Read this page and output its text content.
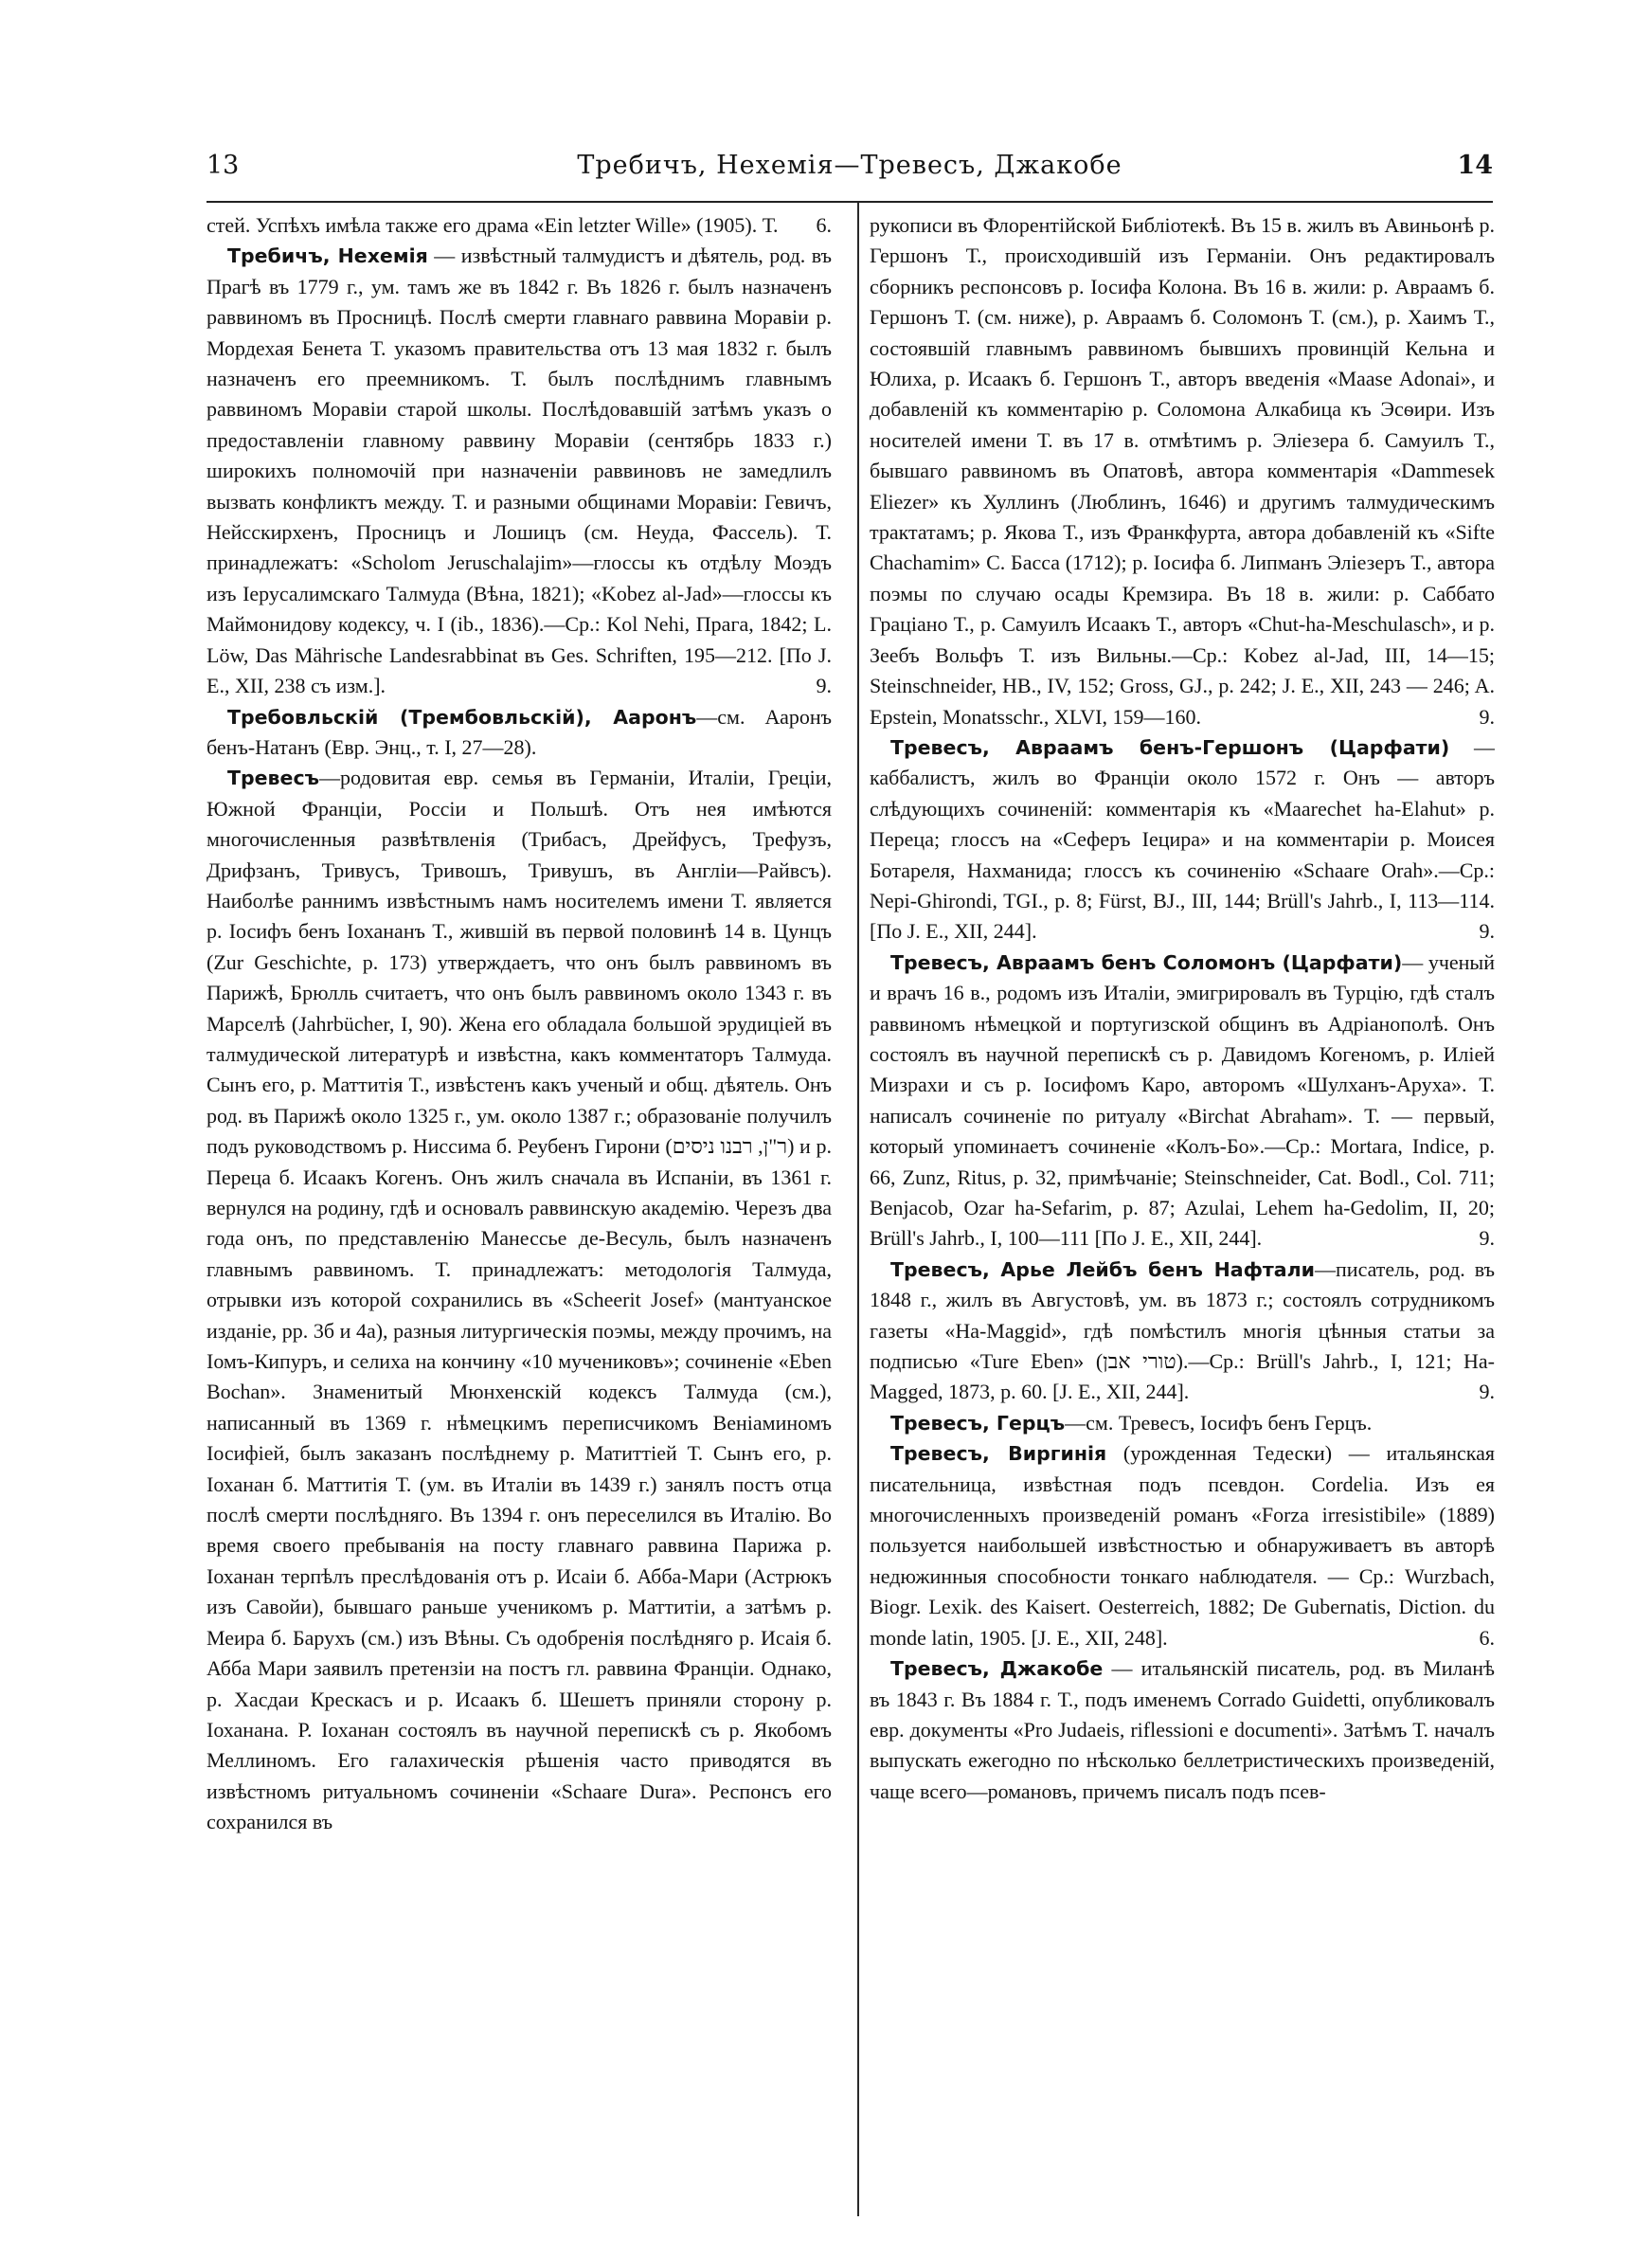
13	Требичъ, Нехемія—Тревесъ, Джакобе	14

стей. Успѣхъ имѣла также его драма «Ein letzter Wille» (1905). Т.	6.

Требичъ, Нехемія — извѣстный талмудистъ и дѣятель, род. въ Прагѣ въ 1779 г., ум. тамъ же въ 1842 г. Въ 1826 г. былъ назначенъ раввиномъ въ Просницѣ. Послѣ смерти главнаго раввина Моравіи р. Мордехая Бенета Т. указомъ правительства отъ 13 мая 1832 г. былъ назначенъ его преемникомъ. Т. былъ послѣднимъ главнымъ раввиномъ Моравіи старой школы. Послѣдовавшій затѣмъ указъ о предоставленіи главному раввину Моравіи (сентябрь 1833 г.) широкихъ полномочій при назначеніи раввиновъ не замедлилъ вызвать конфликтъ между. Т. и разными общинами Моравіи: Гевичъ, Нейсскирхенъ, Просницъ и Лошицъ (см. Неуда, Фассель). Т. принадлежатъ: «Scholom Jeruschalajim»—глоссы къ отдѣлу Моэдъ изъ Іерусалимскаго Талмуда (Вѣна, 1821); «Kobez al-Jad»—глоссы къ Маймонидову кодексу, ч. I (ib., 1836).—Ср.: Kol Nehi, Прага, 1842; L. Löw, Das Mährische Landesrabbinat въ Ges. Schriften, 195—212. [По J. E., XII, 238 съ изм.].	9.

Требовльскій (Трембовльскій), Ааронъ—см. Ааронъ бенъ-Натанъ (Евр. Энц., т. I, 27—28).

Тревесъ—родовитая евр. семья въ Германіи, Италіи, Греціи, Южной Франціи, Россіи и Польшѣ. Отъ нея имѣются многочисленныя развѣтвленія (Трибасъ, Дрейфусъ, Трефузъ, Дрифзанъ, Тривусъ, Тривошъ, Тривушъ, въ Англіи—Райвсъ). Наиболѣе раннимъ извѣстнымъ намъ носителемъ имени Т. является р. Іосифъ бенъ Іохананъ Т., жившій въ первой половинѣ 14 в. Цунцъ (Zur Geschichte, p. 173) утверждаетъ, что онъ былъ раввиномъ въ Парижѣ, Брюлль считаетъ, что онъ былъ раввиномъ около 1343 г. въ Марселѣ (Jahrbücher, I, 90). Жена его обладала большой эрудиціей въ талмудической литературѣ и извѣстна, какъ комментаторъ Талмуда. Сынъ его, р. Маттитія Т., извѣстенъ какъ ученый и общ. дѣятель. Онъ род. въ Парижѣ около 1325 г., ум. около 1387 г.; образованіе получилъ подъ руководствомъ р. Ниссима б. Реубенъ Гирони (ר"ן, רבנו ניסים) и р. Переца б. Исаакъ Когенъ. Онъ жилъ сначала въ Испаніи, въ 1361 г. вернулся на родину, гдѣ и основалъ раввинскую академію. Черезъ два года онъ, по представленію Манессье де-Весуль, былъ назначенъ главнымъ раввиномъ. Т. принадлежатъ: методологія Талмуда, отрывки изъ которой сохранились въ «Scheerit Josef» (мантуанское изданіе, pp. 3б и 4а), разныя литургическія поэмы, между прочимъ, на Іомъ-Кипуръ, и селиха на кончину «10 мучениковъ»; сочиненіе «Eben Bochan». Знаменитый Мюнхенскій кодексъ Талмуда (см.), написанный въ 1369 г. нѣмецкимъ переписчикомъ Веніаминомъ Іосифіей, былъ заказанъ послѣднему р. Матиттіей Т. Сынъ его, р. Іоханан б. Маттитія Т. (ум. въ Италіи въ 1439 г.) занялъ постъ отца послѣ смерти послѣдняго. Въ 1394 г. онъ переселился въ Италію. Во время своего пребыванія на посту главнаго раввина Парижа р. Іоханан терпѣлъ преслѣдованія отъ р. Исаіи б. Абба-Мари (Астрюкъ изъ Савойи), бывшаго раньше ученикомъ р. Маттитіи, а затѣмъ р. Меира б. Барухъ (см.) изъ Вѣны. Съ одобренія послѣдняго р. Исаія б. Абба Мари заявилъ претензіи на постъ гл. раввина Франціи. Однако, р. Хасдаи Крескасъ и р. Исаакъ б. Шешетъ приняли сторону р. Іоханана. Р. Іоханан состоялъ въ научной перепискѣ съ р. Якобомъ Меллиномъ. Его галахическія рѣшенія часто приводятся въ извѣстномъ ритуальномъ сочиненіи «Schaare Dura». Респонсъ его сохранился въ

рукописи въ Флорентійской Библіотекѣ. Въ 15 в. жилъ въ Авиньонѣ р. Гершонъ Т., происходившій изъ Германіи. Онъ редактировалъ сборникъ респонсовъ р. Іосифа Колона. Въ 16 в. жили: р. Авраамъ б. Гершонъ Т. (см. ниже), р. Авраамъ б. Соломонъ Т. (см.), р. Хаимъ Т., состоявшій главнымъ раввиномъ бывшихъ провинцій Кельна и Юлиха, р. Исаакъ б. Гершонъ Т., авторъ введенія «Maase Adonai», и добавленій къ комментарію р. Соломона Алкабица къ Эсѳири. Изъ носителей имени Т. въ 17 в. отмѣтимъ р. Элiезера б. Самуилъ Т., бывшаго раввиномъ въ Опатовѣ, автора комментарія «Dammesek Eliezer» къ Хуллинъ (Люблинъ, 1646) и другимъ талмудическимъ трактатамъ; р. Якова Т., изъ Франкфурта, автора добавленій къ «Sifte Chachamim» С. Басса (1712); р. Іосифа б. Липманъ Элiезеръ Т., автора поэмы по случаю осады Кремзира. Въ 18 в. жили: р. Саббато Граціано Т., р. Самуилъ Исаакъ Т., авторъ «Chut-ha-Meschulasch», и р. Зеебъ Вольфъ Т. изъ Вильны.—Ср.: Kobez al-Jad, III, 14—15; Steinschneider, HB., IV, 152; Gross, GJ., p. 242; J. E., XII, 243 — 246; A. Epstein, Monatsschr., XLVI, 159—160.	9.

Тревесъ, Авраамъ бенъ-Гершонъ (Царфати) — каббалистъ, жилъ во Франціи около 1572 г. Онъ — авторъ слѣдующихъ сочиненій: комментарія къ «Maarechet ha-Elahut» р. Переца; глоссъ на «Сеферъ Іецира» и на комментаріи р. Моисея Ботареля, Нахманида; глоссъ къ сочиненію «Schaare Orah».—Ср.: Nepi-Ghirondi, TGI., p. 8; Fürst, BJ., III, 144; Brüll's Jahrb., I, 113—114. [По J. E., XII, 244].	9.

Тревесъ, Авраамъ бенъ Соломонъ (Царфати)— ученый и врачъ 16 в., родомъ изъ Италіи, эмигрировалъ въ Турцію, гдѣ сталъ раввиномъ нѣмецкой и португизской общинъ въ Адріанополѣ. Онъ состоялъ въ научной перепискѣ съ р. Давидомъ Когеномъ, р. Иліей Мизрахи и съ р. Іосифомъ Каро, авторомъ «Шулханъ-Аруха». Т. написалъ сочиненіе по ритуалу «Birchat Abraham». Т. — первый, который упоминаетъ сочиненіе «Колъ-Бо».—Ср.: Mortara, Indice, p. 66, Zunz, Ritus, p. 32, примѣчаніе; Steinschneider, Cat. Bodl., Col. 711; Benjacob, Ozar ha-Sefarim, p. 87; Azulai, Lehem ha-Gedolim, II, 20; Brüll's Jahrb., I, 100—111 [По J. E., XII, 244].	9.

Тревесъ, Арье Лейбъ бенъ Нафтали—писатель, род. въ 1848 г., жилъ въ Августовѣ, ум. въ 1873 г.; состоялъ сотрудникомъ газеты «Ha-Maggid», гдѣ помѣстилъ многія цѣнныя статьи за подписью «Ture Eben» (טורי אבן).—Ср.: Brüll's Jahrb., I, 121; Ha-Magged, 1873, p. 60. [J. E., XII, 244].	9.

Тревесъ, Герцъ—см. Тревесъ, Іосифъ бенъ Герцъ.

Тревесъ, Виргинія (урожденная Тедески) — итальянская писательница, извѣстная подъ псевдон. Cordelia. Изъ ея многочисленныхъ произведеній романъ «Forza irresistibile» (1889) пользуется наибольшей извѣстностью и обнаруживаетъ въ авторѣ недюжинныя способности тонкаго наблюдателя. — Ср.: Wurzbach, Biogr. Lexik. des Kaisert. Oesterreich, 1882; De Gubernatis, Diction. du monde latin, 1905. [J. E., XII, 248].	6.

Тревесъ, Джакобе — итальянскій писатель, род. въ Миланѣ въ 1843 г. Въ 1884 г. Т., подъ именемъ Corrado Guidetti, опубликовалъ евр. документы «Pro Judaeis, riflessioni e documenti». Затѣмъ Т. началъ выпускать ежегодно по нѣсколько беллетристическихъ произведеній, чаще всего—романовъ, причемъ писалъ подъ псев-
